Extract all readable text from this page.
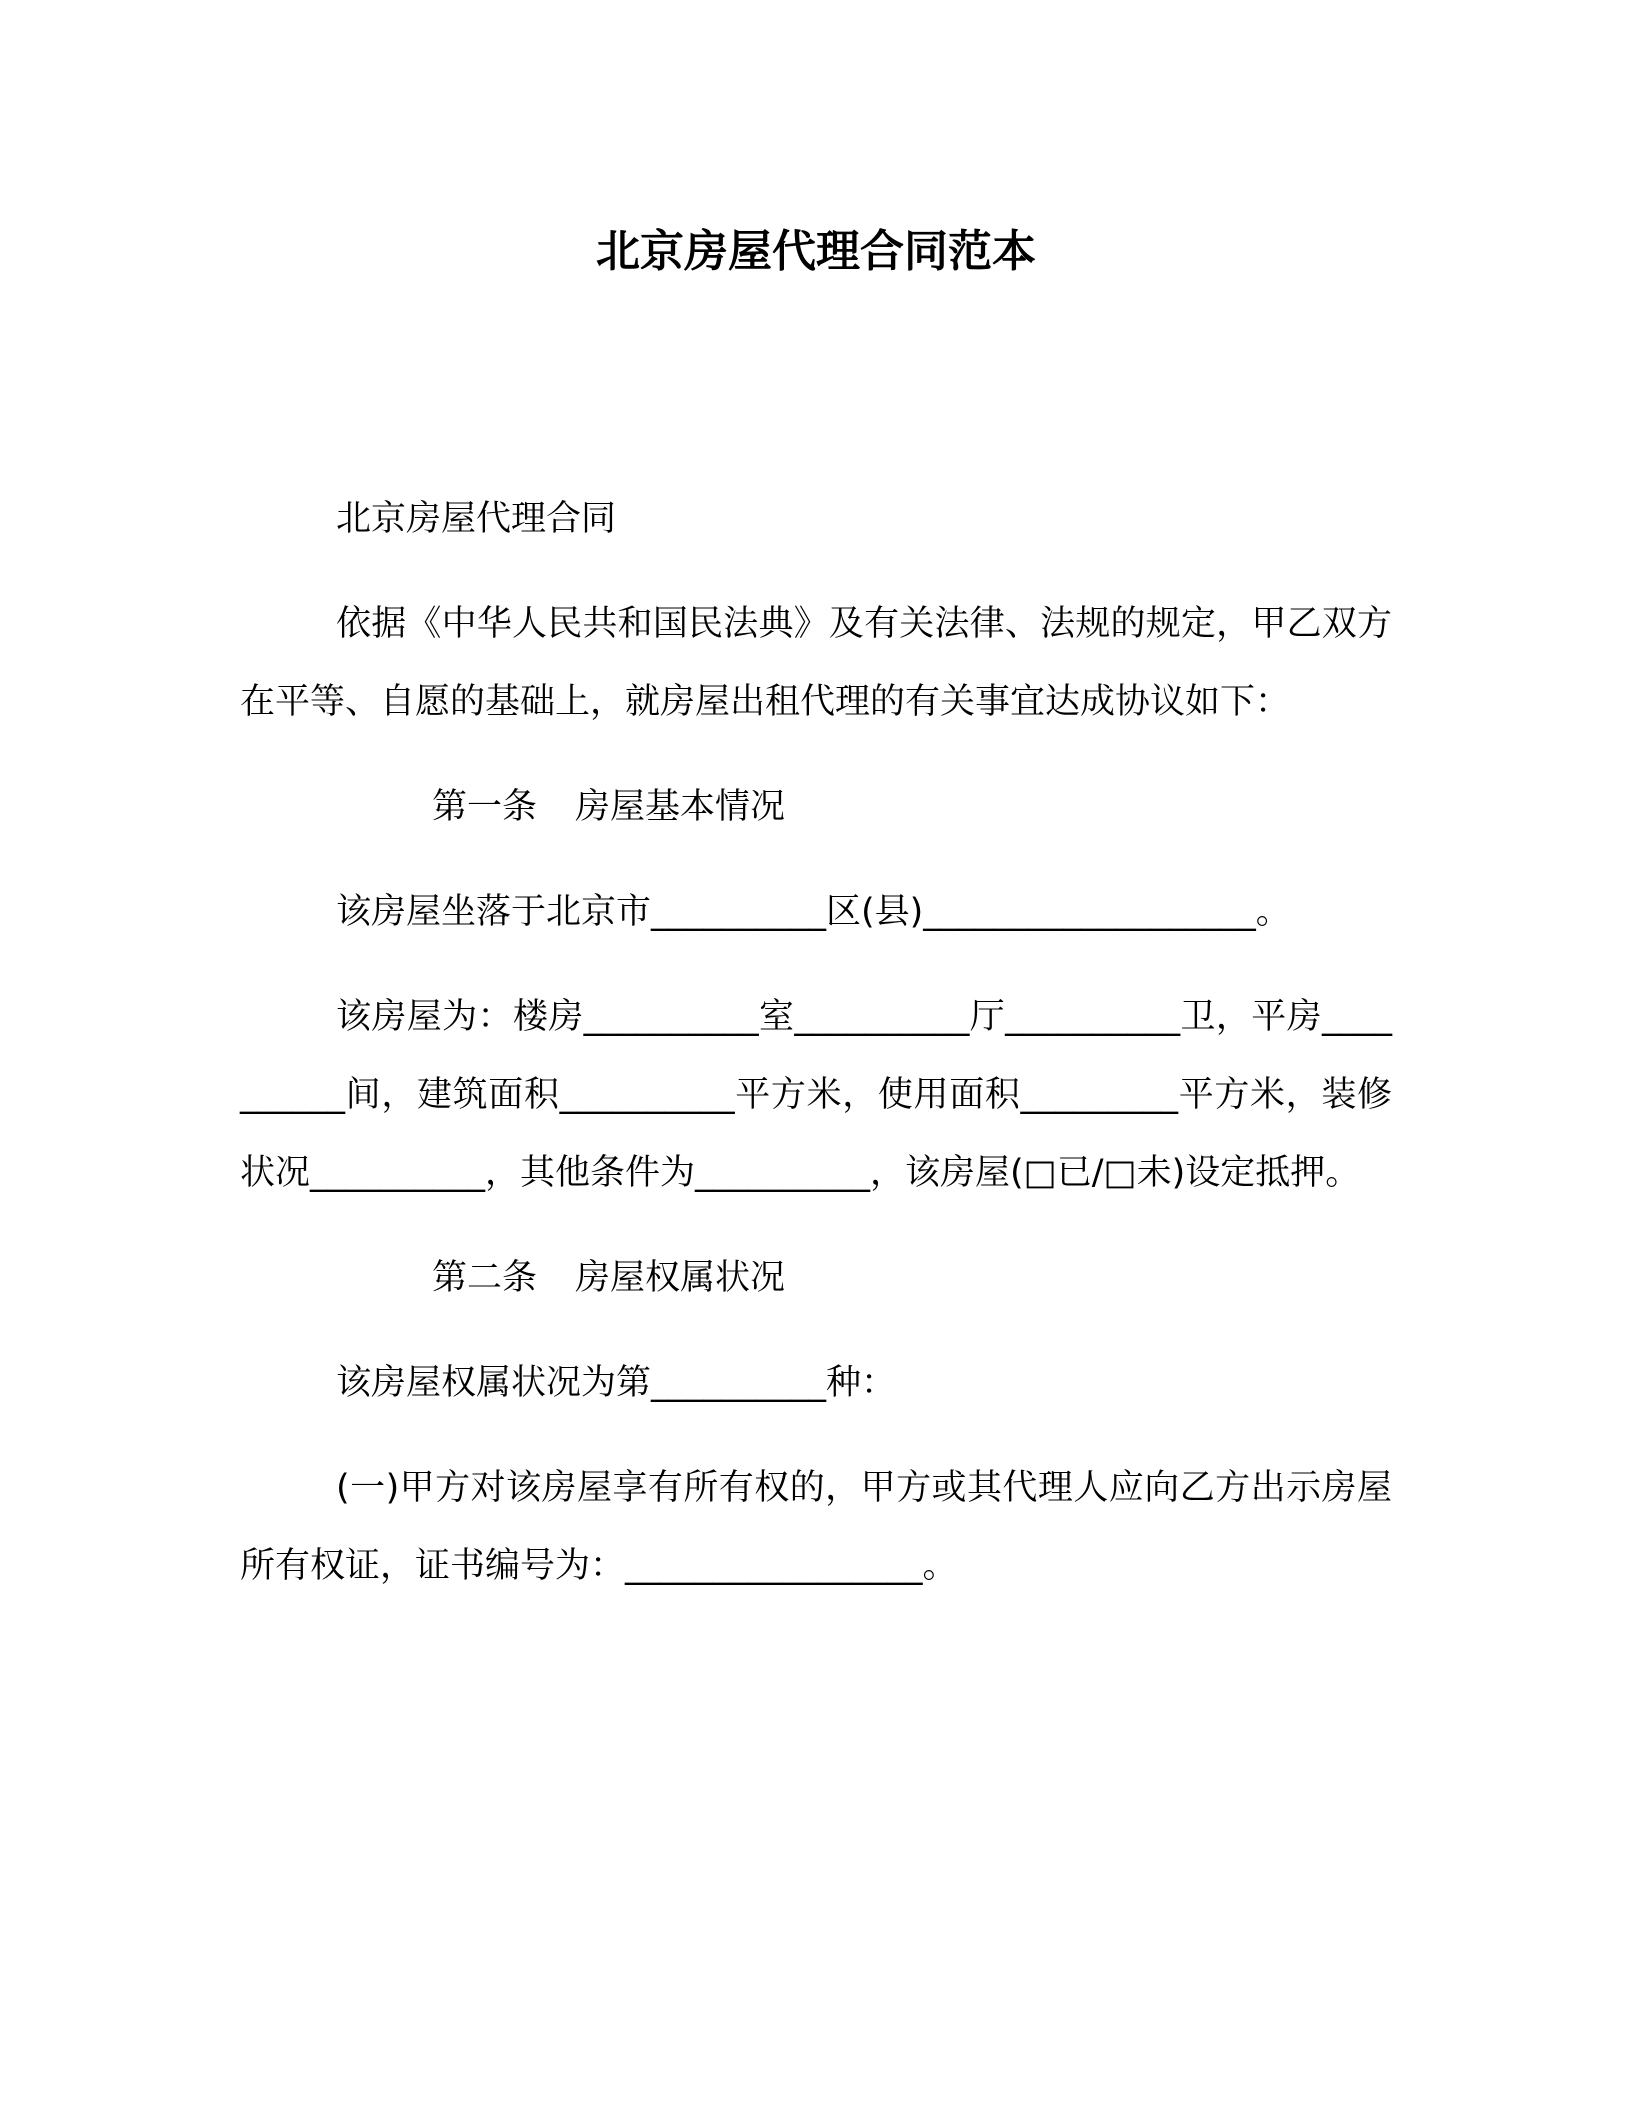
北京房屋代理合同范本

北京房屋代理合同

依据《中华人民共和国民法典》及有关法律、法规的规定，甲乙双方在平等、自愿的基础上，就房屋出租代理的有关事宜达成协议如下：

第一条 房屋基本情况

该房屋坐落于北京市__________区(县)___________________。

该房屋为：楼房__________室__________厅__________卫，平房__________间，建筑面积__________平方米，使用面积_________平方米，装修状况__________，其他条件为__________，该房屋(□已/□未)设定抵押。

第二条 房屋权属状况

该房屋权属状况为第__________种：

(一)甲方对该房屋享有所有权的，甲方或其代理人应向乙方出示房屋所有权证，证书编号为：_________________。
